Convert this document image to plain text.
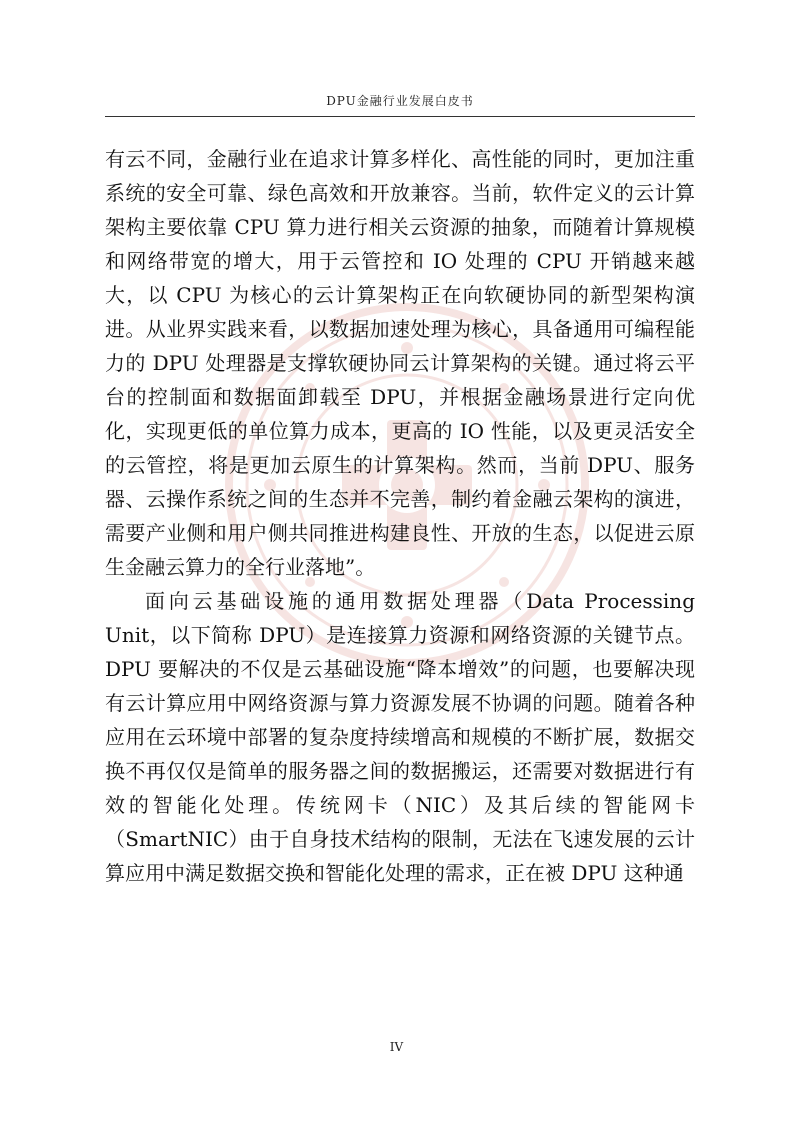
DPU金融行业发展白皮书

有云不同，金融行业在追求计算多样化、高性能的同时，更加注重系统的安全可靠、绿色高效和开放兼容。当前，软件定义的云计算架构主要依靠 CPU 算力进行相关云资源的抽象，而随着计算规模和网络带宽的增大，用于云管控和 IO 处理的 CPU 开销越来越大，以 CPU 为核心的云计算架构正在向软硬协同的新型架构演进。从业界实践来看，以数据加速处理为核心，具备通用可编程能力的 DPU 处理器是支撑软硬协同云计算架构的关键。通过将云平台的控制面和数据面卸载至 DPU，并根据金融场景进行定向优化，实现更低的单位算力成本，更高的 IO 性能，以及更灵活安全的云管控，将是更加云原生的计算架构。然而，当前 DPU、服务器、云操作系统之间的生态并不完善，制约着金融云架构的演进，需要产业侧和用户侧共同推进构建良性、开放的生态，以促进云原生金融云算力的全行业落地”。

面向云基础设施的通用数据处理器（Data Processing Unit，以下简称 DPU）是连接算力资源和网络资源的关键节点。DPU 要解决的不仅是云基础设施“降本增效”的问题，也要解决现有云计算应用中网络资源与算力资源发展不协调的问题。随着各种应用在云环境中部署的复杂度持续增高和规模的不断扩展，数据交换不再仅仅是简单的服务器之间的数据搬运，还需要对数据进行有效的智能化处理。传统网卡（NIC）及其后续的智能网卡（SmartNIC）由于自身技术结构的限制，无法在飞速发展的云计算应用中满足数据交换和智能化处理的需求，正在被 DPU 这种通

IV
